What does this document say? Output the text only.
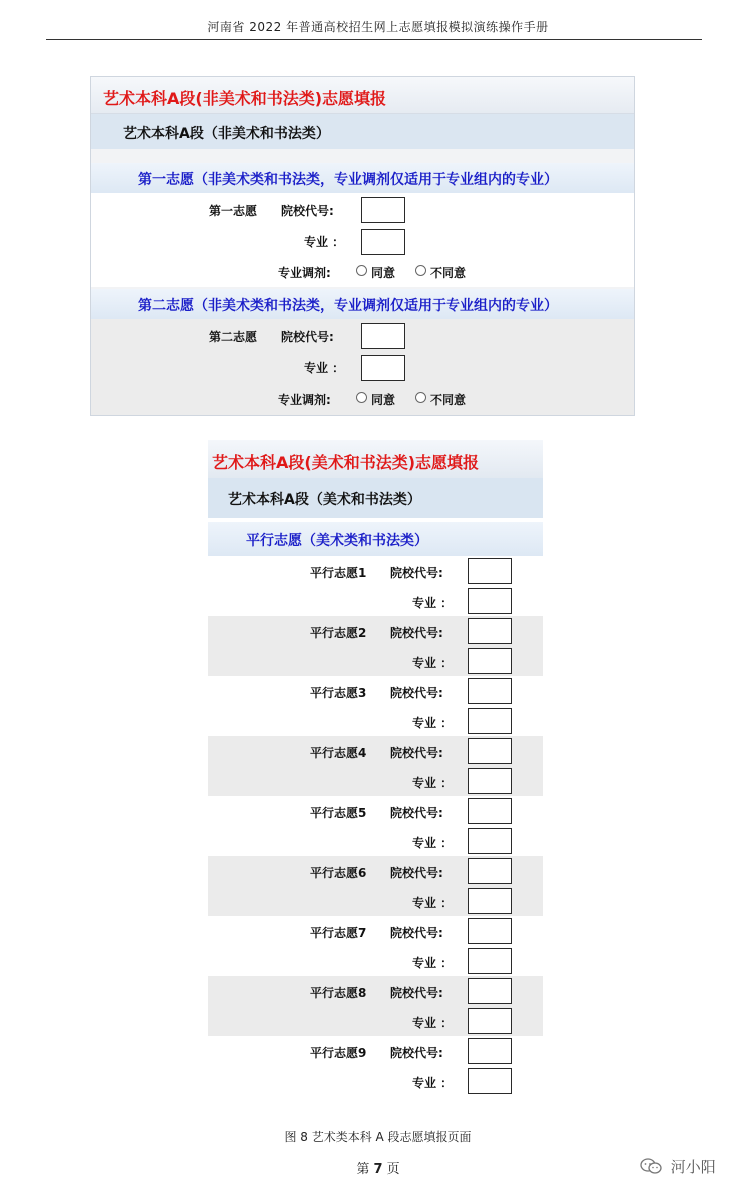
河南省 2022 年普通高校招生网上志愿填报模拟演练操作手册
艺术本科A段(非美术和书法类)志愿填报
艺术本科A段（非美术和书法类）
第一志愿（非美术类和书法类，专业调剂仅适用于专业组内的专业）
第一志愿 院校代号:
专业 ：
专业调剂:	同意	不同意
第二志愿（非美术类和书法类，专业调剂仅适用于专业组内的专业）
第二志愿 院校代号:
专业 ：
专业调剂:	同意	不同意
艺术本科A段(美术和书法类)志愿填报
艺术本科A段（美术和书法类）
平行志愿（美术类和书法类）
平行志愿1 院校代号:
专业 ：
平行志愿2 院校代号:
专业 ：
平行志愿3 院校代号:
专业 ：
平行志愿4 院校代号:
专业 ：
平行志愿5 院校代号:
专业 ：
平行志愿6 院校代号:
专业 ：
平行志愿7 院校代号:
专业 ：
平行志愿8 院校代号:
专业 ：
平行志愿9 院校代号:
专业 ：
图 8 艺术类本科 A 段志愿填报页面
第 7 页	河小阳
